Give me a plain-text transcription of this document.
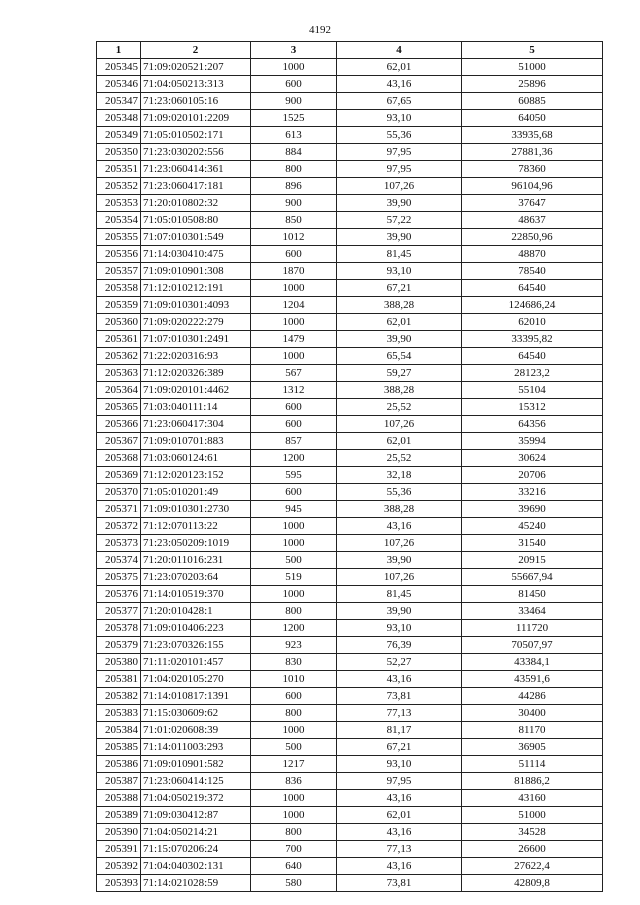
4192
1	2	3	4	5
205345	71:09:020521:207	1000	62,01	51000
205346	71:04:050213:313	600	43,16	25896
205347	71:23:060105:16	900	67,65	60885
205348	71:09:020101:2209	1525	93,10	64050
205349	71:05:010502:171	613	55,36	33935,68
205350	71:23:030202:556	884	97,95	27881,36
205351	71:23:060414:361	800	97,95	78360
205352	71:23:060417:181	896	107,26	96104,96
205353	71:20:010802:32	900	39,90	37647
205354	71:05:010508:80	850	57,22	48637
205355	71:07:010301:549	1012	39,90	22850,96
205356	71:14:030410:475	600	81,45	48870
205357	71:09:010901:308	1870	93,10	78540
205358	71:12:010212:191	1000	67,21	64540
205359	71:09:010301:4093	1204	388,28	124686,24
205360	71:09:020222:279	1000	62,01	62010
205361	71:07:010301:2491	1479	39,90	33395,82
205362	71:22:020316:93	1000	65,54	64540
205363	71:12:020326:389	567	59,27	28123,2
205364	71:09:020101:4462	1312	388,28	55104
205365	71:03:040111:14	600	25,52	15312
205366	71:23:060417:304	600	107,26	64356
205367	71:09:010701:883	857	62,01	35994
205368	71:03:060124:61	1200	25,52	30624
205369	71:12:020123:152	595	32,18	20706
205370	71:05:010201:49	600	55,36	33216
205371	71:09:010301:2730	945	388,28	39690
205372	71:12:070113:22	1000	43,16	45240
205373	71:23:050209:1019	1000	107,26	31540
205374	71:20:011016:231	500	39,90	20915
205375	71:23:070203:64	519	107,26	55667,94
205376	71:14:010519:370	1000	81,45	81450
205377	71:20:010428:1	800	39,90	33464
205378	71:09:010406:223	1200	93,10	111720
205379	71:23:070326:155	923	76,39	70507,97
205380	71:11:020101:457	830	52,27	43384,1
205381	71:04:020105:270	1010	43,16	43591,6
205382	71:14:010817:1391	600	73,81	44286
205383	71:15:030609:62	800	77,13	30400
205384	71:01:020608:39	1000	81,17	81170
205385	71:14:011003:293	500	67,21	36905
205386	71:09:010901:582	1217	93,10	51114
205387	71:23:060414:125	836	97,95	81886,2
205388	71:04:050219:372	1000	43,16	43160
205389	71:09:030412:87	1000	62,01	51000
205390	71:04:050214:21	800	43,16	34528
205391	71:15:070206:24	700	77,13	26600
205392	71:04:040302:131	640	43,16	27622,4
205393	71:14:021028:59	580	73,81	42809,8
